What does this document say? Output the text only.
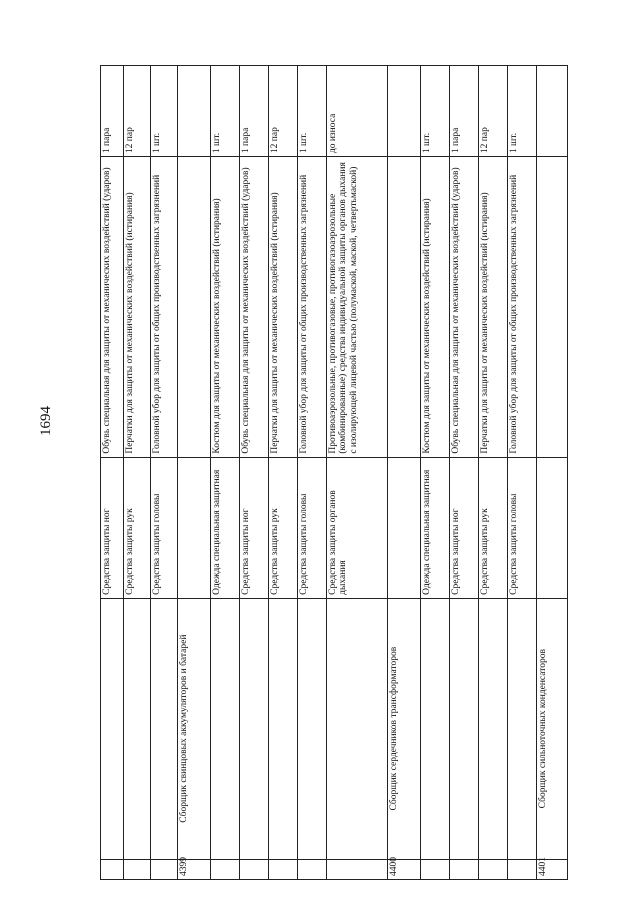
1694
		Средства защиты ног	Обувь специальная для защиты от механических воздействий (ударов)	1 пара
		Средства защиты рук	Перчатки для защиты от механических воздействий (истирания)	12 пар
		Средства защиты головы	Головной убор для защиты от общих производственных загрязнений	1 шт.
4399	Сборщик свинцовых аккумуляторов и батарей			
		Одежда специальная защитная	Костюм для защиты от механических воздействий (истирания)	1 шт.
		Средства защиты ног	Обувь специальная для защиты от механических воздействий (ударов)	1 пара
		Средства защиты рук	Перчатки для защиты от механических воздействий (истирания)	12 пар
		Средства защиты головы	Головной убор для защиты от общих производственных загрязнений	1 шт.
		Средства защиты органов дыхания	Противоаэрозольные, противогазовые, противогазоаэрозольные (комбинированные) средства индивидуальной защиты органов дыхания с изолирующей лицевой частью (полумаской, маской, четвертьмаской)	до износа
4400	Сборщик сердечников трансформаторов			
		Одежда специальная защитная	Костюм для защиты от механических воздействий (истирания)	1 шт.
		Средства защиты ног	Обувь специальная для защиты от механических воздействий (ударов)	1 пара
		Средства защиты рук	Перчатки для защиты от механических воздействий (истирания)	12 пар
		Средства защиты головы	Головной убор для защиты от общих производственных загрязнений	1 шт.
4401	Сборщик сильноточных конденсаторов			
